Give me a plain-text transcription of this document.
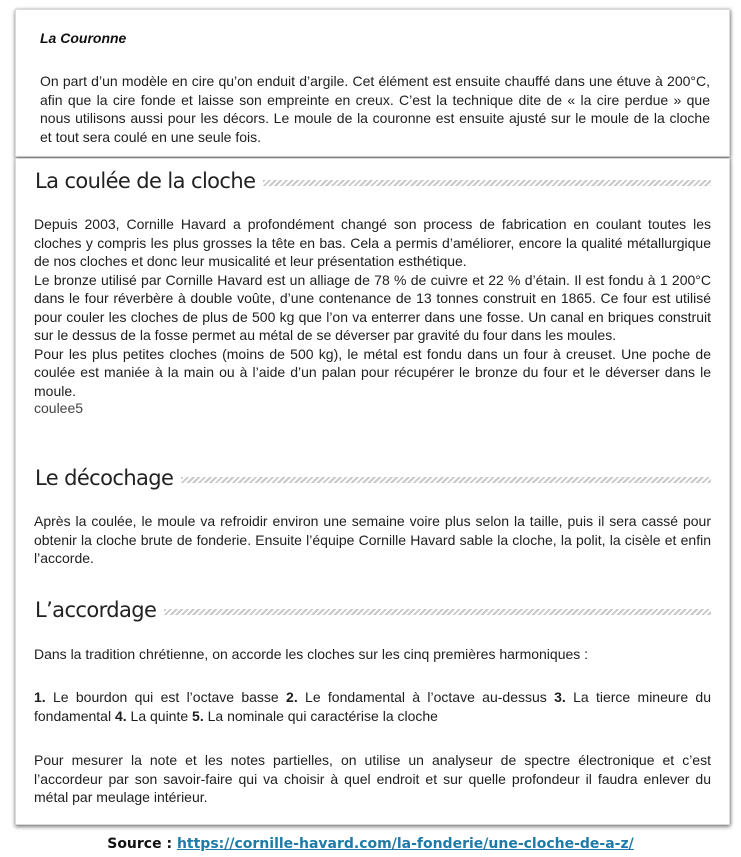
La Couronne

On part d’un modèle en cire qu’on enduit d’argile. Cet élément est ensuite chauffé dans une étuve à 200°C, afin que la cire fonde et laisse son empreinte en creux. C’est la technique dite de « la cire perdue » que nous utilisons aussi pour les décors. Le moule de la couronne est ensuite ajusté sur le moule de la cloche et tout sera coulé en une seule fois.

La coulée de la cloche

Depuis 2003, Cornille Havard a profondément changé son process de fabrication en coulant toutes les cloches y compris les plus grosses la tête en bas. Cela a permis d’améliorer, encore la qualité métallurgique de nos cloches et donc leur musicalité et leur présentation esthétique.

Le bronze utilisé par Cornille Havard est un alliage de 78 % de cuivre et 22 % d’étain. Il est fondu à 1 200°C dans le four réverbère à double voûte, d’une contenance de 13 tonnes construit en 1865. Ce four est utilisé pour couler les cloches de plus de 500 kg que l’on va enterrer dans une fosse. Un canal en briques construit sur le dessus de la fosse permet au métal de se déverser par gravité du four dans les moules.

Pour les plus petites cloches (moins de 500 kg), le métal est fondu dans un four à creuset. Une poche de coulée est maniée à la main ou à l’aide d’un palan pour récupérer le bronze du four et le déverser dans le moule.

coulee5

Le décochage

Après la coulée, le moule va refroidir environ une semaine voire plus selon la taille, puis il sera cassé pour obtenir la cloche brute de fonderie. Ensuite l’équipe Cornille Havard sable la cloche, la polit, la cisèle et enfin l’accorde.

L’accordage

Dans la tradition chrétienne, on accorde les cloches sur les cinq premières harmoniques :

1. Le bourdon qui est l’octave basse 2. Le fondamental à l’octave au-dessus 3. La tierce mineure du fondamental 4. La quinte 5. La nominale qui caractérise la cloche

Pour mesurer la note et les notes partielles, on utilise un analyseur de spectre électronique et c’est l’accordeur par son savoir-faire qui va choisir à quel endroit et sur quelle profondeur il faudra enlever du métal par meulage intérieur.

Source : https://cornille-havard.com/la-fonderie/une-cloche-de-a-z/
